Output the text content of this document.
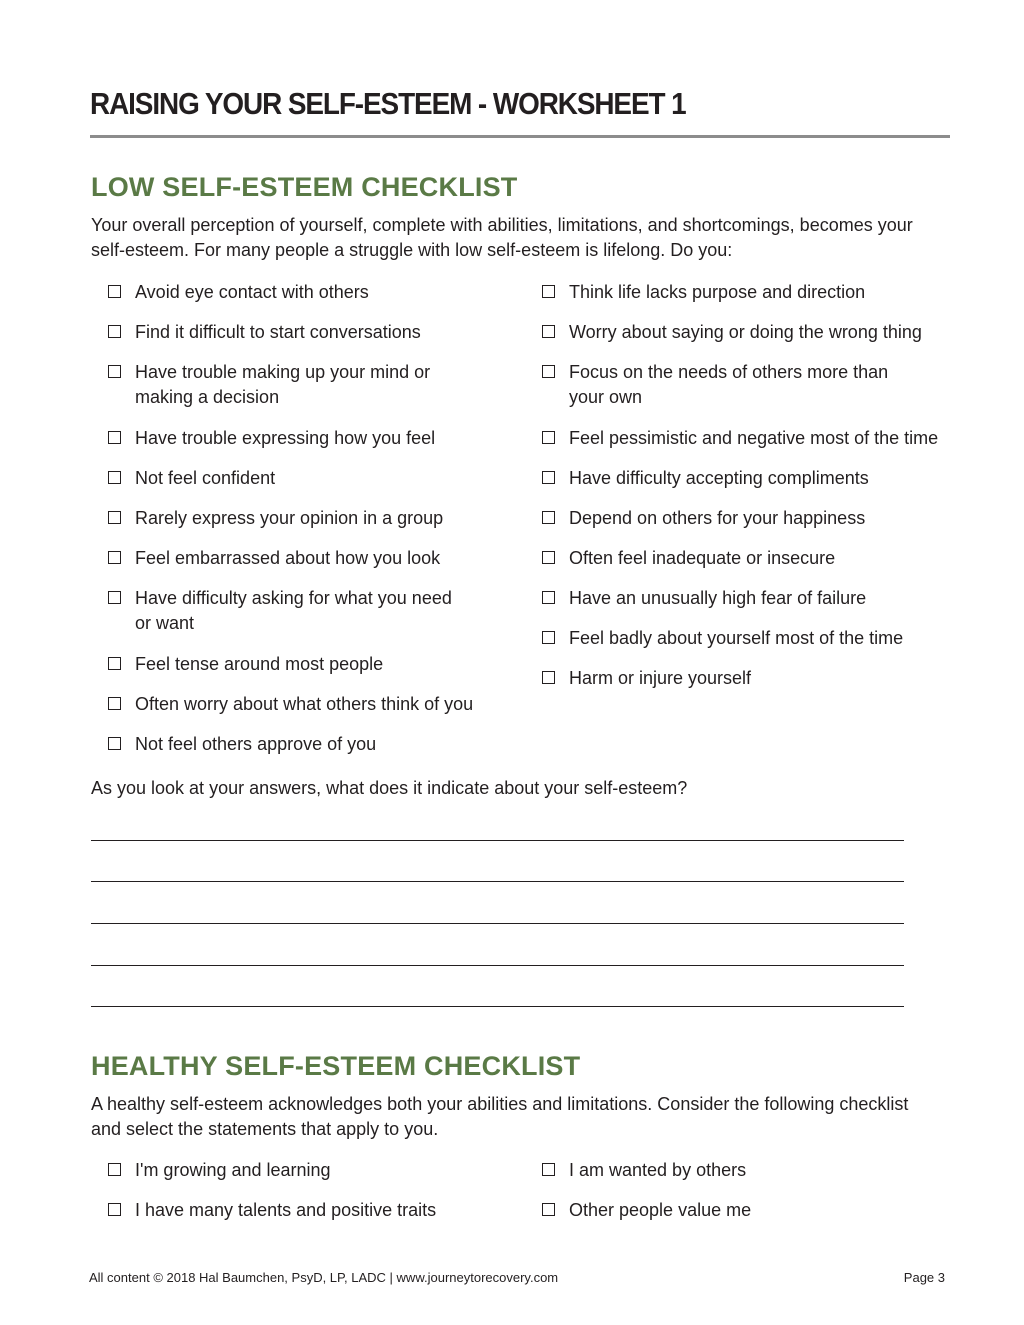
RAISING YOUR SELF-ESTEEM - WORKSHEET 1
LOW SELF-ESTEEM CHECKLIST

Your overall perception of yourself, complete with abilities, limitations, and shortcomings, becomes your self-esteem. For many people a struggle with low self-esteem is lifelong. Do you:

Avoid eye contact with others
Find it difficult to start conversations
Have trouble making up your mind or
making a decision
Have trouble expressing how you feel
Not feel confident
Rarely express your opinion in a group
Feel embarrassed about how you look
Have difficulty asking for what you need
or want
Feel tense around most people
Often worry about what others think of you
Not feel others approve of you
Think life lacks purpose and direction
Worry about saying or doing the wrong thing
Focus on the needs of others more than
your own
Feel pessimistic and negative most of the time
Have difficulty accepting compliments
Depend on others for your happiness
Often feel inadequate or insecure
Have an unusually high fear of failure
Feel badly about yourself most of the time
Harm or injure yourself

As you look at your answers, what does it indicate about your self-esteem?

HEALTHY SELF-ESTEEM CHECKLIST

A healthy self-esteem acknowledges both your abilities and limitations. Consider the following checklist and select the statements that apply to you.

I'm growing and learning
I have many talents and positive traits
I am wanted by others
Other people value me
All content © 2018 Hal Baumchen, PsyD, LP, LADC | www.journeytorecovery.com	Page 3
